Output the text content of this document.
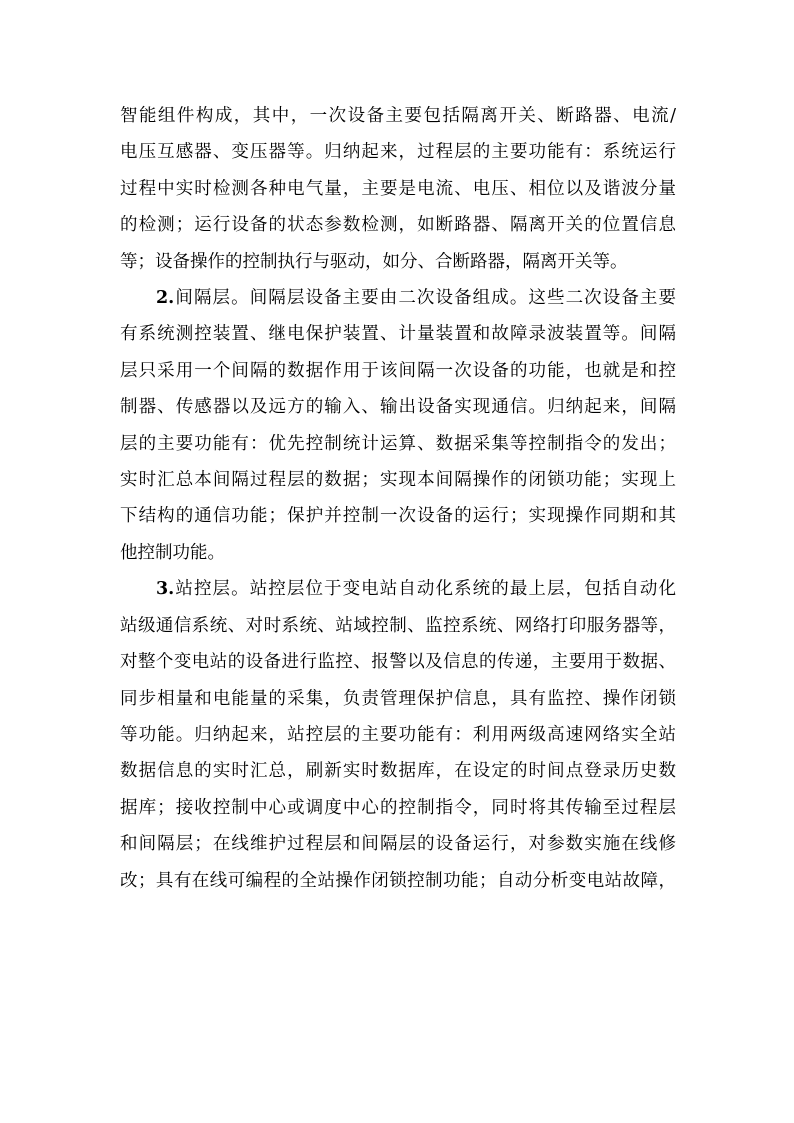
智能组件构成，其中，一次设备主要包括隔离开关、断路器、电流/
电压互感器、变压器等。归纳起来，过程层的主要功能有：系统运行
过程中实时检测各种电气量，主要是电流、电压、相位以及谐波分量
的检测；运行设备的状态参数检测，如断路器、隔离开关的位置信息
等；设备操作的控制执行与驱动，如分、合断路器，隔离开关等。

2.间隔层。间隔层设备主要由二次设备组成。这些二次设备主要
有系统测控装置、继电保护装置、计量装置和故障录波装置等。间隔
层只采用一个间隔的数据作用于该间隔一次设备的功能，也就是和控
制器、传感器以及远方的输入、输出设备实现通信。归纳起来，间隔
层的主要功能有：优先控制统计运算、数据采集等控制指令的发出；
实时汇总本间隔过程层的数据；实现本间隔操作的闭锁功能；实现上
下结构的通信功能；保护并控制一次设备的运行；实现操作同期和其
他控制功能。

3.站控层。站控层位于变电站自动化系统的最上层，包括自动化
站级通信系统、对时系统、站域控制、监控系统、网络打印服务器等，
对整个变电站的设备进行监控、报警以及信息的传递，主要用于数据、
同步相量和电能量的采集，负责管理保护信息，具有监控、操作闭锁
等功能。归纳起来，站控层的主要功能有：利用两级高速网络实全站
数据信息的实时汇总，刷新实时数据库，在设定的时间点登录历史数
据库；接收控制中心或调度中心的控制指令，同时将其传输至过程层
和间隔层；在线维护过程层和间隔层的设备运行，对参数实施在线修
改；具有在线可编程的全站操作闭锁控制功能；自动分析变电站故障，
